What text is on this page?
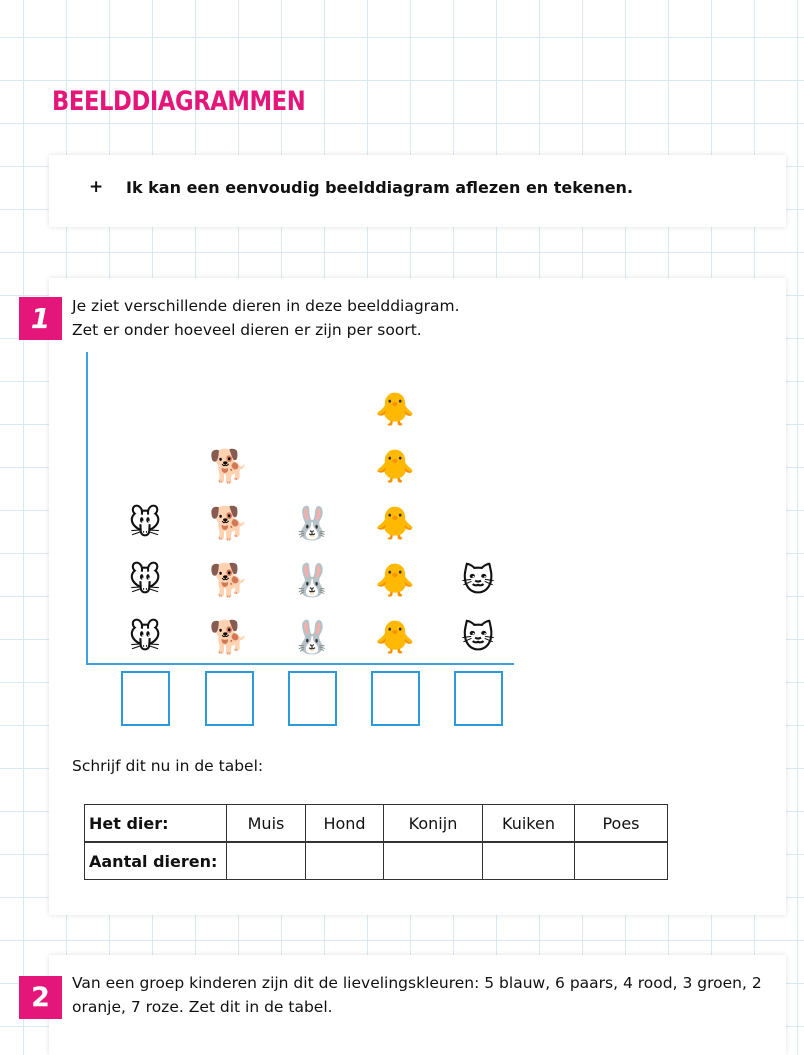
BEELDDIAGRAMMEN
+ Ik kan een eenvoudig beelddiagram aflezen en tekenen.
1	Je ziet verschillende dieren in deze beelddiagram.
Zet er onder hoeveel dieren er zijn per soort.
🐭
🐭
🐭
🐕
🐕
🐕
🐕
🐰
🐰
🐰
🐥
🐥
🐥
🐥
🐥
🐱
🐱
Schrijf dit nu in de tabel:
Het dier:	Muis	Hond	Konijn	Kuiken	Poes
Aantal dieren:					
2	Van een groep kinderen zijn dit de lievelingskleuren: 5 blauw, 6 paars, 4 rood, 3 groen, 2 oranje, 7 roze. Zet dit in de tabel.
